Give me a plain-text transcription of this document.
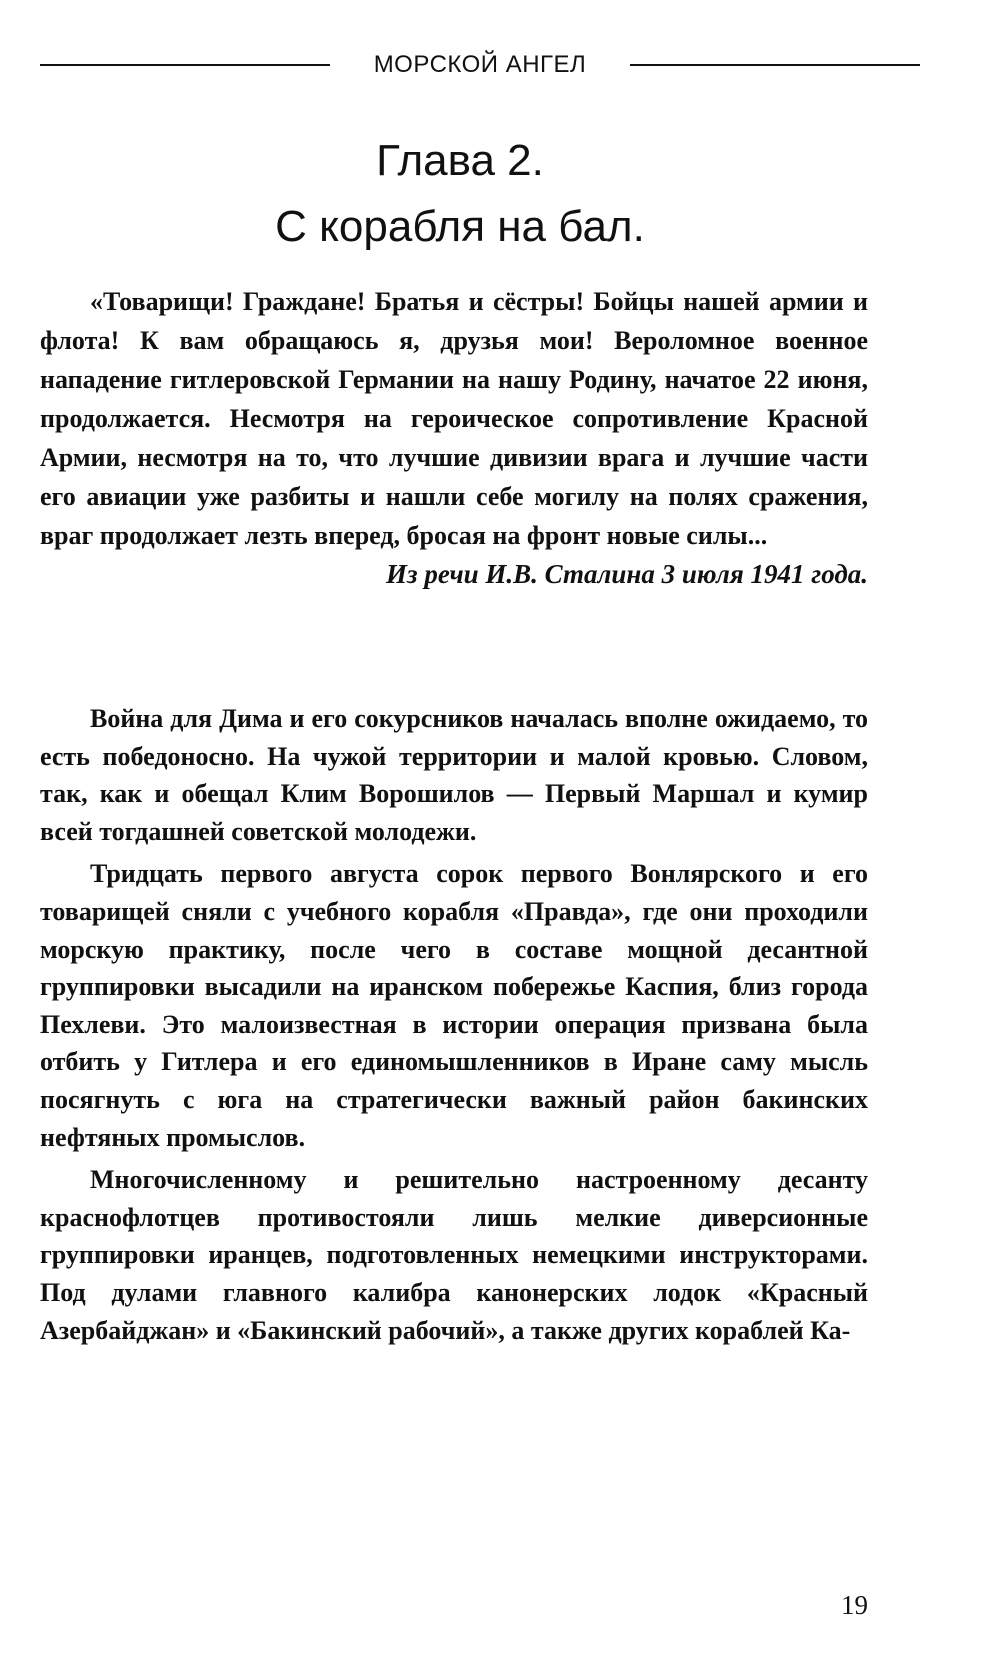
МОРСКОЙ АНГЕЛ
Глава 2.
С корабля на бал.

«Товарищи! Граждане! Братья и сёстры! Бойцы нашей армии и флота! К вам обращаюсь я, друзья мои! Вероломное военное нападение гитлеровской Германии на нашу Родину, начатое 22 июня, продолжается. Несмотря на героическое сопротивление Красной Армии, несмотря на то, что лучшие дивизии врага и лучшие части его авиации уже разбиты и нашли себе могилу на полях сражения, враг продолжает лезть вперед, бросая на фронт новые силы...

Из речи И.В. Сталина 3 июля 1941 года.

Война для Дима и его сокурсников началась вполне ожидаемо, то есть победоносно. На чужой территории и малой кровью. Словом, так, как и обещал Клим Ворошилов — Первый Маршал и кумир всей тогдашней советской молодежи.

Тридцать первого августа сорок первого Вонлярского и его товарищей сняли с учебного корабля «Правда», где они проходили морскую практику, после чего в составе мощной десантной группировки высадили на иранском побережье Каспия, близ города Пехлеви. Это малоизвестная в истории операция призвана была отбить у Гитлера и его единомышленников в Иране саму мысль посягнуть с юга на стратегически важный район бакинских нефтяных промыслов.

Многочисленному и решительно настроенному десанту краснофлотцев противостояли лишь мелкие диверсионные группировки иранцев, подготовленных немецкими инструкторами. Под дулами главного калибра канонерских лодок «Красный Азербайджан» и «Бакинский рабочий», а также других кораблей Ка-

19
